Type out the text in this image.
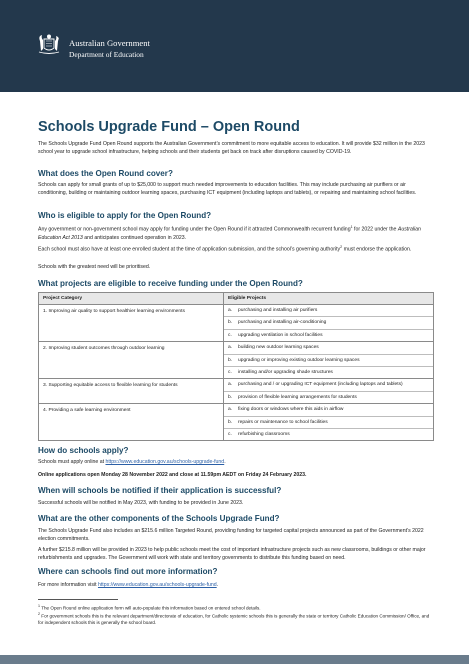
Australian Government
Department of Education
Schools Upgrade Fund – Open Round

The Schools Upgrade Fund Open Round supports the Australian Government’s commitment to more equitable access to education. It will provide $32 million in the 2023 school year to upgrade school infrastructure, helping schools and their students get back on track after disruptions caused by COVID-19.

What does the Open Round cover?

Schools can apply for small grants of up to $25,000 to support much needed improvements to education facilities. This may include purchasing air purifiers or air conditioning, building or maintaining outdoor learning spaces, purchasing ICT equipment (including laptops and tablets), or repairing and maintaining school facilities.

Who is eligible to apply for the Open Round?

Any government or non-government school may apply for funding under the Open Round if it attracted Commonwealth recurrent funding$^1$ for 2022 under the Australian Education Act 2013 and anticipates continued operation in 2023.

Each school must also have at least one enrolled student at the time of application submission, and the school’s governing authority$^2$ must endorse the application.

Schools with the greatest need will be prioritised.

What projects are eligible to receive funding under the Open Round?
Project Category	Eligible Projects
1. Improving air quality to support healthier learning environments	a. purchasing and installing air purifiers
b. purchasing and installing air-conditioning
c. upgrading ventilation in school facilities

2. Improving student outcomes through outdoor learning	a. building new outdoor learning spaces
b. upgrading or improving existing outdoor learning spaces
c. installing and/or upgrading shade structures

3. Supporting equitable access to flexible learning for students	a. purchasing and / or upgrading ICT equipment (including laptops and tablets)
b. provision of flexible learning arrangements for students

4. Providing a safe learning environment	a. fixing doors or windows where this aids in airflow
b. repairs or maintenance to school facilities
c. refurbishing classrooms
How do schools apply?

Schools must apply online at https://www.education.gov.au/schools-upgrade-fund.

Online applications open Monday 28 November 2022 and close at 11.59pm AEDT on Friday 24 February 2023.

When will schools be notified if their application is successful?

Successful schools will be notified in May 2023, with funding to be provided in June 2023.

What are the other components of the Schools Upgrade Fund?

The Schools Upgrade Fund also includes an $215.6 million Targeted Round, providing funding for targeted capital projects announced as part of the Government’s 2022 election commitments.

A further $215.8 million will be provided in 2023 to help public schools meet the cost of important infrastructure projects such as new classrooms, buildings or other major refurbishments and upgrades. The Government will work with state and territory governments to distribute this funding based on need.

Where can schools find out more information?

For more information visit https://www.education.gov.au/schools-upgrade-fund.

$^1$ The Open Round online application form will auto-populate this information based on entered school details.
$^2$ For government schools this is the relevant department/directorate of education, for Catholic systemic schools this is generally the state or territory Catholic Education Commission/ Office, and for independent schools this is generally the school board.
